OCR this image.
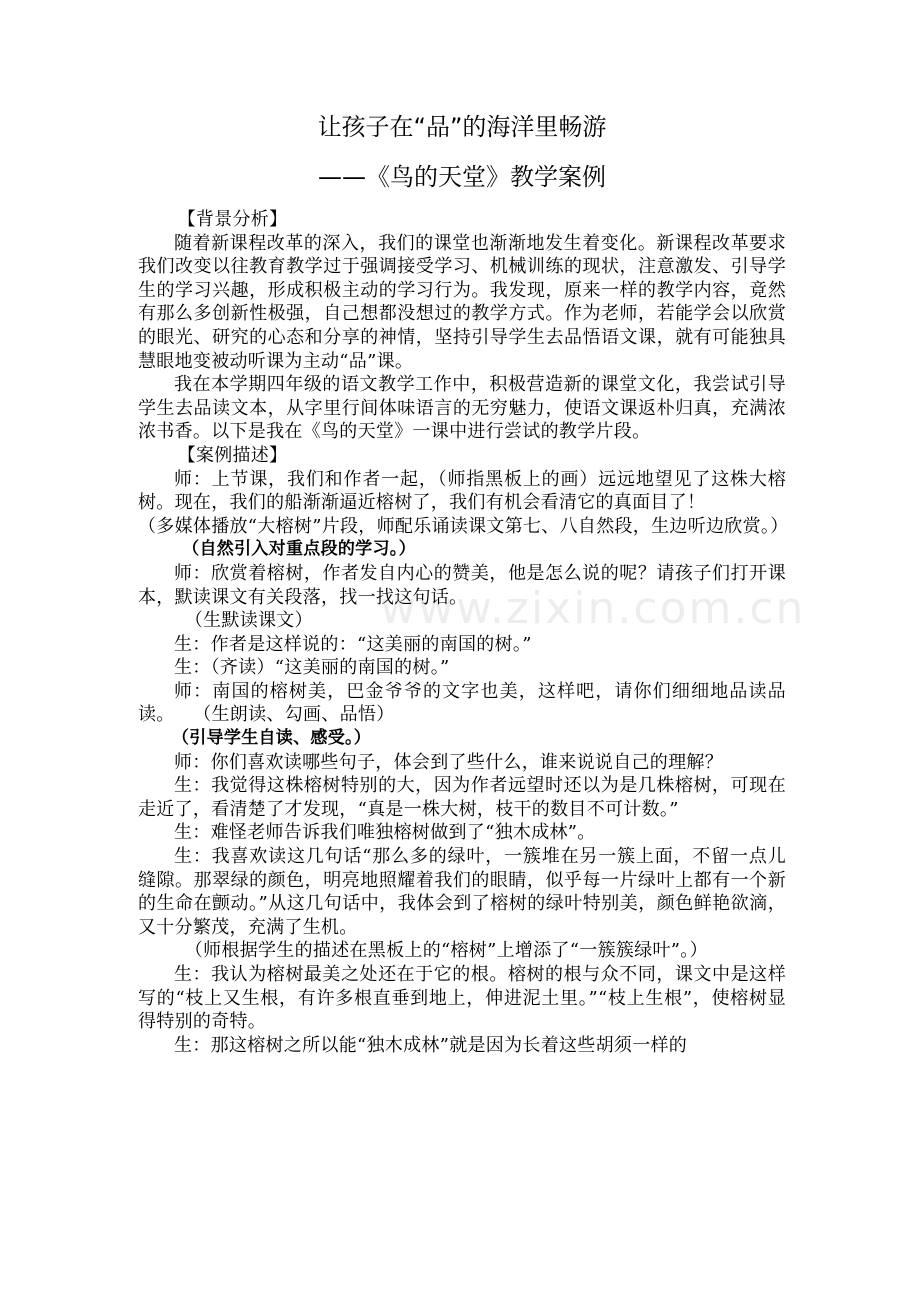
www.zixin.com.cn
让孩子在“品”的海洋里畅游
——《鸟的天堂》教学案例

【背景分析】

随着新课程改革的深入，我们的课堂也渐渐地发生着变化。新课程改革要求我们改变以往教育教学过于强调接受学习、机械训练的现状，注意激发、引导学生的学习兴趣，形成积极主动的学习行为。我发现，原来一样的教学内容，竟然有那么多创新性极强，自己想都没想过的教学方式。作为老师，若能学会以欣赏的眼光、研究的心态和分享的神情，坚持引导学生去品悟语文课，就有可能独具慧眼地变被动听课为主动“品”课。

我在本学期四年级的语文教学工作中，积极营造新的课堂文化，我尝试引导学生去品读文本，从字里行间体味语言的无穷魅力，使语文课返朴归真，充满浓浓书香。以下是我在《鸟的天堂》一课中进行尝试的教学片段。

【案例描述】

师：上节课，我们和作者一起，（师指黑板上的画）远远地望见了这株大榕树。现在，我们的船渐渐逼近榕树了，我们有机会看清它的真面目了！

（多媒体播放“大榕树”片段，师配乐诵读课文第七、八自然段，生边听边欣赏。）

（自然引入对重点段的学习。）

师：欣赏着榕树，作者发自内心的赞美，他是怎么说的呢？请孩子们打开课本，默读课文有关段落，找一找这句话。

（生默读课文）

生：作者是这样说的：“这美丽的南国的树。”

生：（齐读）“这美丽的南国的树。”

师：南国的榕树美，巴金爷爷的文字也美，这样吧，请你们细细地品读品读。　　（生朗读、勾画、品悟）

（引导学生自读、感受。）

师：你们喜欢读哪些句子，体会到了些什么，谁来说说自己的理解？

生：我觉得这株榕树特别的大，因为作者远望时还以为是几株榕树，可现在走近了，看清楚了才发现，“真是一株大树，枝干的数目不可计数。”

生：难怪老师告诉我们唯独榕树做到了“独木成林”。

生：我喜欢读这几句话“那么多的绿叶，一簇堆在另一簇上面，不留一点儿缝隙。那翠绿的颜色，明亮地照耀着我们的眼睛，似乎每一片绿叶上都有一个新的生命在颤动。”从这几句话中，我体会到了榕树的绿叶特别美，颜色鲜艳欲滴，又十分繁茂，充满了生机。

（师根据学生的描述在黑板上的“榕树”上增添了“一簇簇绿叶”。）

生：我认为榕树最美之处还在于它的根。榕树的根与众不同，课文中是这样写的“枝上又生根，有许多根直垂到地上，伸进泥土里。”“枝上生根”，使榕树显得特别的奇特。

生：那这榕树之所以能“独木成林”就是因为长着这些胡须一样的
